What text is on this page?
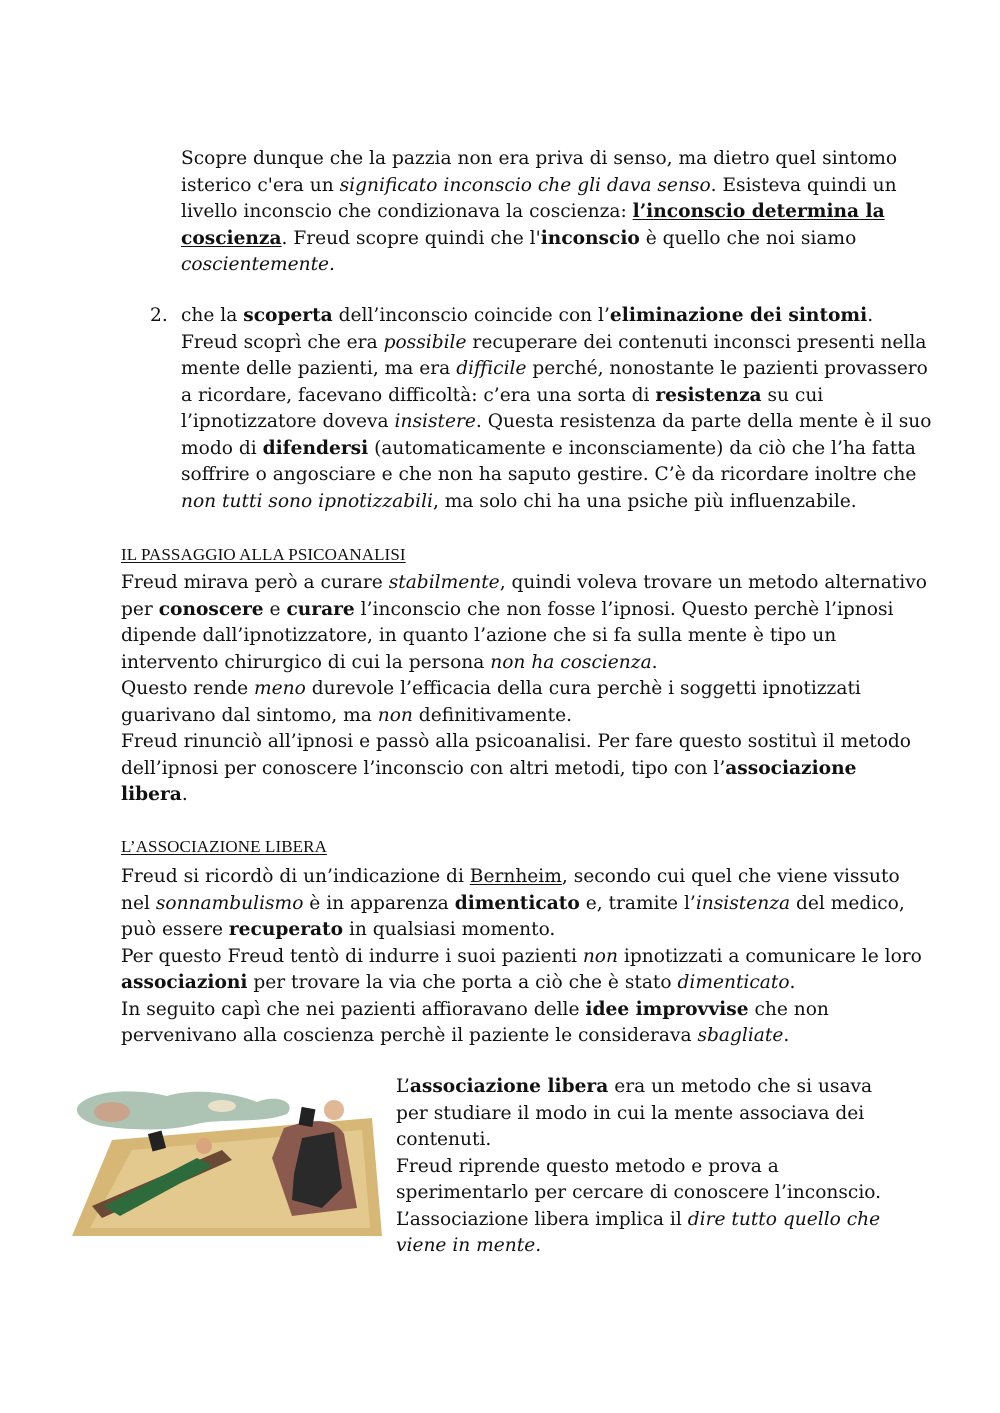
Scopre dunque che la pazzia non era priva di senso, ma dietro quel sintomo
isterico c'era un significato inconscio che gli dava senso. Esisteva quindi un
livello inconscio che condizionava la coscienza: l’inconscio determina la
coscienza. Freud scopre quindi che l'inconscio è quello che noi siamo
coscientemente.
2. che la scoperta dell’inconscio coincide con l’eliminazione dei sintomi.
Freud scoprì che era possibile recuperare dei contenuti inconsci presenti nella
mente delle pazienti, ma era difficile perché, nonostante le pazienti provassero
a ricordare, facevano difficoltà: c’era una sorta di resistenza su cui
l’ipnotizzatore doveva insistere. Questa resistenza da parte della mente è il suo
modo di difendersi (automaticamente e inconsciamente) da ciò che l’ha fatta
soffrire o angosciare e che non ha saputo gestire. C’è da ricordare inoltre che
non tutti sono ipnotizzabili, ma solo chi ha una psiche più influenzabile.
IL PASSAGGIO ALLA PSICOANALISI
Freud mirava però a curare stabilmente, quindi voleva trovare un metodo alternativo
per conoscere e curare l’inconscio che non fosse l’ipnosi. Questo perchè l’ipnosi
dipende dall’ipnotizzatore, in quanto l’azione che si fa sulla mente è tipo un
intervento chirurgico di cui la persona non ha coscienza.
Questo rende meno durevole l’efficacia della cura perchè i soggetti ipnotizzati
guarivano dal sintomo, ma non definitivamente.
Freud rinunciò all’ipnosi e passò alla psicoanalisi. Per fare questo sostituì il metodo
dell’ipnosi per conoscere l’inconscio con altri metodi, tipo con l’associazione
libera.
L’ASSOCIAZIONE LIBERA
Freud si ricordò di un’indicazione di Bernheim, secondo cui quel che viene vissuto
nel sonnambulismo è in apparenza dimenticato e, tramite l’insistenza del medico,
può essere recuperato in qualsiasi momento.
Per questo Freud tentò di indurre i suoi pazienti non ipnotizzati a comunicare le loro
associazioni per trovare la via che porta a ciò che è stato dimenticato.
In seguito capì che nei pazienti affioravano delle idee improvvise che non
pervenivano alla coscienza perchè il paziente le considerava sbagliate.
L’associazione libera era un metodo che si usava
per studiare il modo in cui la mente associava dei
contenuti.
Freud riprende questo metodo e prova a
sperimentarlo per cercare di conoscere l’inconscio.
L’associazione libera implica il dire tutto quello che
viene in mente.
